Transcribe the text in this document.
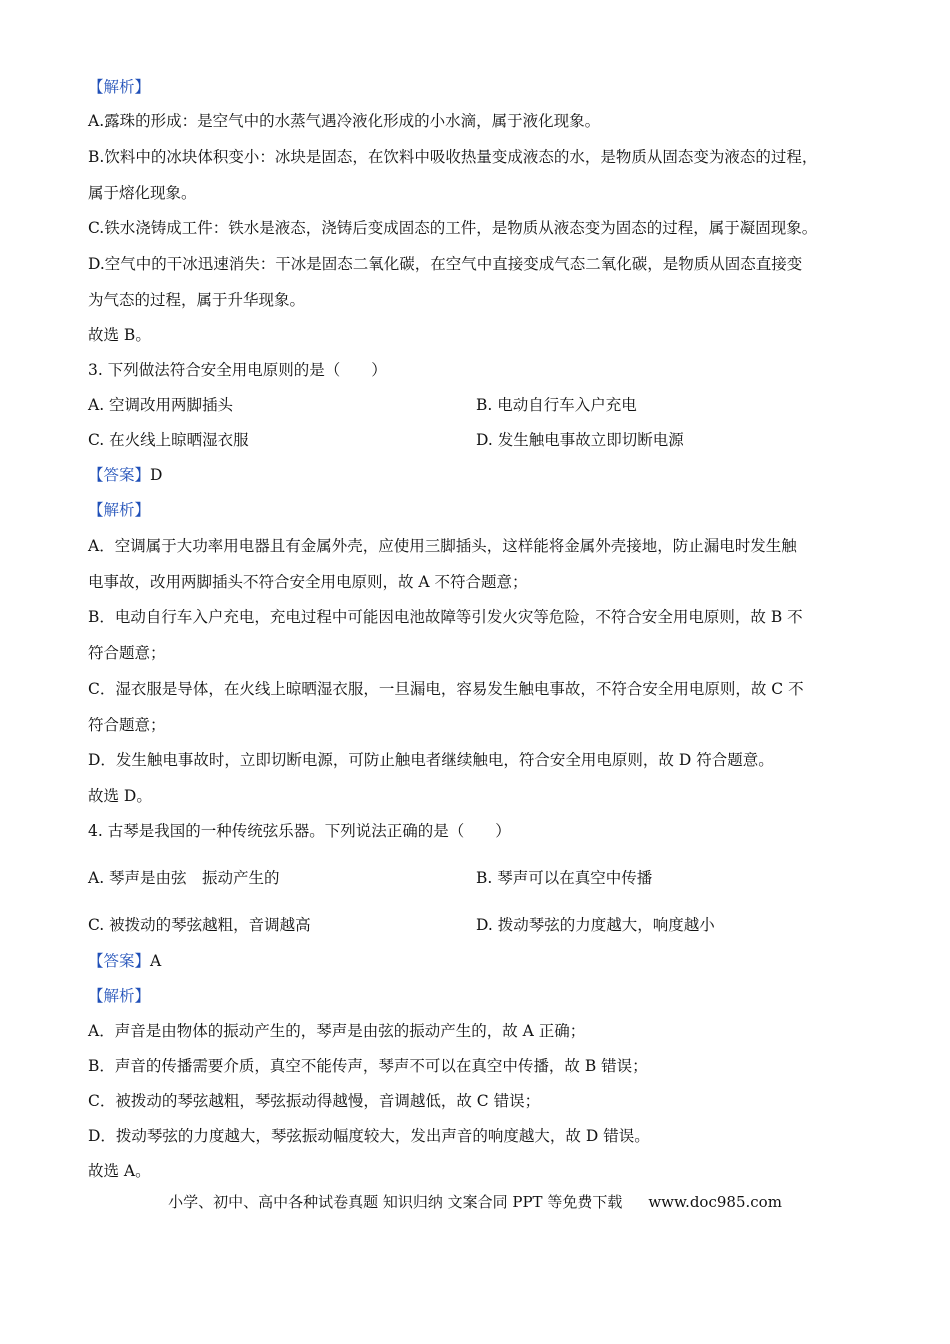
【解析】
A.露珠的形成：是空气中的水蒸气遇冷液化形成的小水滴，属于液化现象。
B.饮料中的冰块体积变小：冰块是固态，在饮料中吸收热量变成液态的水，是物质从固态变为液态的过程，
属于熔化现象。
C.铁水浇铸成工件：铁水是液态，浇铸后变成固态的工件，是物质从液态变为固态的过程，属于凝固现象。
D.空气中的干冰迅速消失：干冰是固态二氧化碳，在空气中直接变成气态二氧化碳，是物质从固态直接变
为气态的过程，属于升华现象。
故选 B。
3. 下列做法符合安全用电原则的是（　　）
A. 空调改用两脚插头	B. 电动自行车入户充电
C. 在火线上晾晒湿衣服	D. 发生触电事故立即切断电源
【答案】D
【解析】
A．空调属于大功率用电器且有金属外壳，应使用三脚插头，这样能将金属外壳接地，防止漏电时发生触
电事故，改用两脚插头不符合安全用电原则，故 A 不符合题意；
B．电动自行车入户充电，充电过程中可能因电池故障等引发火灾等危险，不符合安全用电原则，故 B 不
符合题意；
C．湿衣服是导体，在火线上晾晒湿衣服，一旦漏电，容易发生触电事故，不符合安全用电原则，故 C 不
符合题意；
D．发生触电事故时，立即切断电源，可防止触电者继续触电，符合安全用电原则，故 D 符合题意。
故选 D。
4. 古琴是我国的一种传统弦乐器。下列说法正确的是（　　）
A. 琴声是由弦　振动产生的	B. 琴声可以在真空中传播
C. 被拨动的琴弦越粗，音调越高	D. 拨动琴弦的力度越大，响度越小
【答案】A
【解析】
A．声音是由物体的振动产生的，琴声是由弦的振动产生的，故 A 正确；
B．声音的传播需要介质，真空不能传声，琴声不可以在真空中传播，故 B 错误；
C．被拨动的琴弦越粗，琴弦振动得越慢，音调越低，故 C 错误；
D．拨动琴弦的力度越大，琴弦振动幅度较大，发出声音的响度越大，故 D 错误。
故选 A。
小学、初中、高中各种试卷真题 知识归纳 文案合同 PPT 等免费下载 www.doc985.com
